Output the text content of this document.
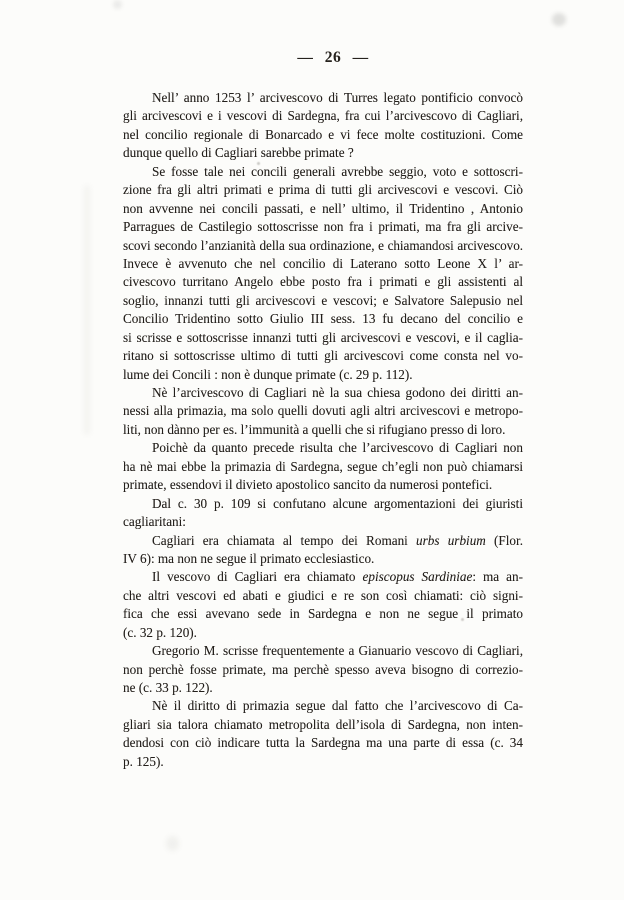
— 26 —
Nell’ anno 1253 l’ arcivescovo di Turres legato pontificio convocò
gli arcivescovi e i vescovi di Sardegna, fra cui l’arcivescovo di Cagliari,
nel concilio regionale di Bonarcado e vi fece molte costituzioni. Come
dunque quello di Cagliari sarebbe primate ?
Se fosse tale nei concili generali avrebbe seggio, voto e sottoscri-
zione fra gli altri primati e prima di tutti gli arcivescovi e vescovi. Ciò
non avvenne nei concili passati, e nell’ ultimo, il Tridentino , Antonio
Parragues de Castilegio sottoscrisse non fra i primati, ma fra gli arcive-
scovi secondo l’anzianità della sua ordinazione, e chiamandosi arcivescovo.
Invece è avvenuto che nel concilio di Laterano sotto Leone X l’ ar-
civescovo turritano Angelo ebbe posto fra i primati e gli assistenti al
soglio, innanzi tutti gli arcivescovi e vescovi; e Salvatore Salepusio nel
Concilio Tridentino sotto Giulio III sess. 13 fu decano del concilio e
si scrisse e sottoscrisse innanzi tutti gli arcivescovi e vescovi, e il caglia-
ritano si sottoscrisse ultimo di tutti gli arcivescovi come consta nel vo-
lume dei Concili : non è dunque primate (c. 29 p. 112).
Nè l’arcivescovo di Cagliari nè la sua chiesa godono dei diritti an-
nessi alla primazia, ma solo quelli dovuti agli altri arcivescovi e metropo-
liti, non dànno per es. l’immunità a quelli che si rifugiano presso di loro.
Poichè da quanto precede risulta che l’arcivescovo di Cagliari non
ha nè mai ebbe la primazia di Sardegna, segue ch’egli non può chiamarsi
primate, essendovi il divieto apostolico sancito da numerosi pontefici.
Dal c. 30 p. 109 si confutano alcune argomentazioni dei giuristi
cagliaritani:
Cagliari era chiamata al tempo dei Romani urbs urbium (Flor.
IV 6): ma non ne segue il primato ecclesiastico.
Il vescovo di Cagliari era chiamato episcopus Sardiniae: ma an-
che altri vescovi ed abati e giudici e re son così chiamati: ciò signi-
fica che essi avevano sede in Sardegna e non ne segue il primato
(c. 32 p. 120).
Gregorio M. scrisse frequentemente a Gianuario vescovo di Cagliari,
non perchè fosse primate, ma perchè spesso aveva bisogno di correzio-
ne (c. 33 p. 122).
Nè il diritto di primazia segue dal fatto che l’arcivescovo di Ca-
gliari sia talora chiamato metropolita dell’isola di Sardegna, non inten-
dendosi con ciò indicare tutta la Sardegna ma una parte di essa (c. 34
p. 125).
